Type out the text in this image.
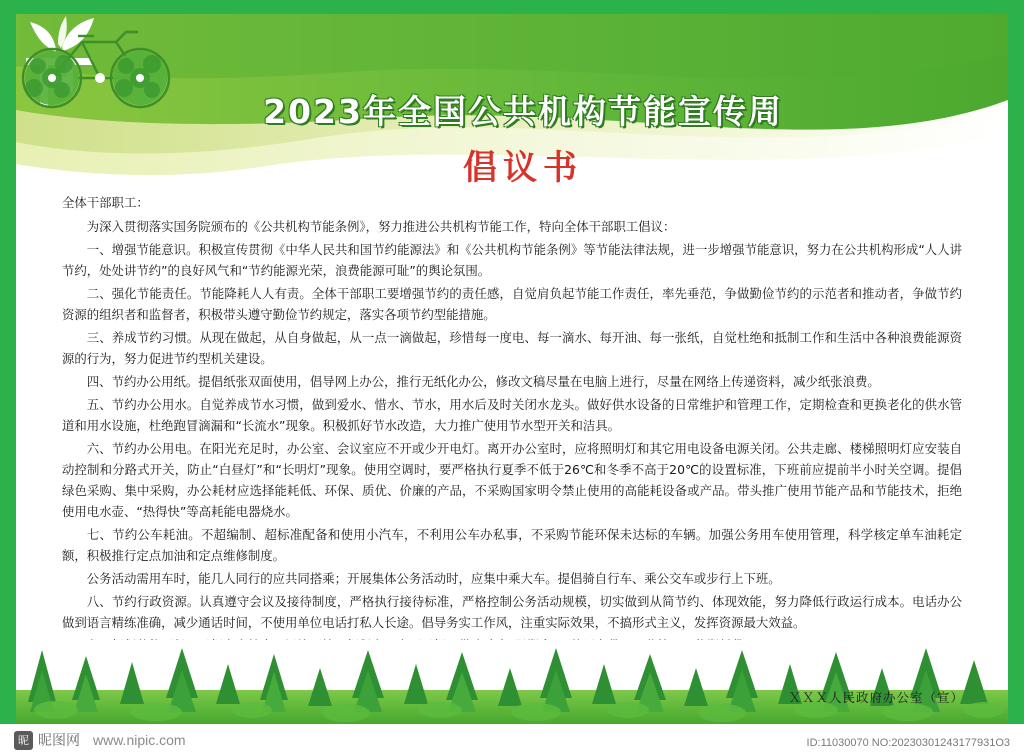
2023年全国公共机构节能宣传周
倡议书

全体干部职工：

为深入贯彻落实国务院颁布的《公共机构节能条例》，努力推进公共机构节能工作，特向全体干部职工倡议：

一、增强节能意识。积极宣传贯彻《中华人民共和国节约能源法》和《公共机构节能条例》等节能法律法规，进一步增强节能意识，努力在公共机构形成“人人讲节约，处处讲节约”的良好风气和“节约能源光荣，浪费能源可耻”的舆论氛围。

二、强化节能责任。节能降耗人人有责。全体干部职工要增强节约的责任感，自觉肩负起节能工作责任，率先垂范，争做勤俭节约的示范者和推动者，争做节约资源的组织者和监督者，积极带头遵守勤俭节约规定，落实各项节约型能措施。

三、养成节约习惯。从现在做起，从自身做起，从一点一滴做起，珍惜每一度电、每一滴水、每开油、每一张纸，自觉杜绝和抵制工作和生活中各种浪费能源资源的行为，努力促进节约型机关建设。

四、节约办公用纸。提倡纸张双面使用，倡导网上办公，推行无纸化办公，修改文稿尽量在电脑上进行，尽量在网络上传递资料，减少纸张浪费。

五、节约办公用水。自觉养成节水习惯，做到爱水、惜水、节水，用水后及时关闭水龙头。做好供水设备的日常维护和管理工作，定期检查和更换老化的供水管道和用水设施，杜绝跑冒滴漏和“长流水”现象。积极抓好节水改造，大力推广使用节水型开关和洁具。

六、节约办公用电。在阳光充足时，办公室、会议室应不开或少开电灯。离开办公室时，应将照明灯和其它用电设备电源关闭。公共走廊、楼梯照明灯应安装自动控制和分路式开关，防止“白昼灯”和“长明灯”现象。使用空调时，要严格执行夏季不低于26℃和冬季不高于20℃的设置标准，下班前应提前半小时关空调。提倡绿色采购、集中采购，办公耗材应选择能耗低、环保、质优、价廉的产品，不采购国家明令禁止使用的高能耗设备或产品。带头推广使用节能产品和节能技术，拒绝使用电水壶、“热得快”等高耗能电器烧水。

七、节约公车耗油。不超编制、超标准配备和使用小汽车，不利用公车办私事，不采购节能环保未达标的车辆。加强公务用车使用管理，科学核定单车油耗定额，积极推行定点加油和定点维修制度。

公务活动需用车时，能几人同行的应共同搭乘；开展集体公务活动时，应集中乘大车。提倡骑自行车、乘公交车或步行上下班。

八、节约行政资源。认真遵守会议及接待制度，严格执行接待标准，严格控制公务活动规模，切实做到从简节约、体现效能，努力降低行政运行成本。电话办公做到语言精练准确，减少通话时间，不使用单位电话打私人长途。倡导务实工作风，注重实际效果，不搞形式主义，发挥资源最大效益。

ＸＸＸ人民政府办公室（宣）
昵 昵图网 www.nipic.com	ID:11030070 NO:20230301243177931O3
